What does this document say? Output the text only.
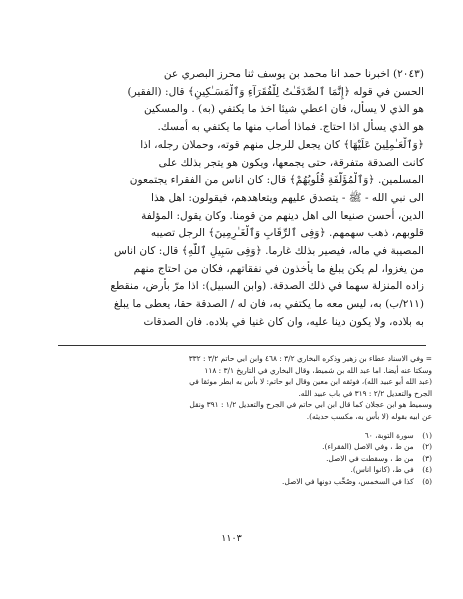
(٢٠٤٣) اخبرنا حمد انا محمد بن يوسف ثنا محرز البصري عن
الحسن في قوله ﴿إِنَّمَا ٱلصَّدَقَـٰتُ لِلْفُقَرَآءِ وَٱلْمَسَـٰكِينِ﴾ قال: (الفقير)
هو الذي لا يسأل، فان اعطي شيئا اخذ ما يكتفي (به) . والمسكين
هو الذي يسأل اذا احتاج. فماذا أصاب منها ما يكتفي به أمسك.
﴿وَٱلْعَـٰمِلِينَ عَلَيْهَا﴾ كان يجعل للرجل منهم قوته، وحملان رجله، اذا
كانت الصدقة متفرقة، حتى يجمعها، ويكون هو يتجر بذلك على
المسلمين. ﴿وَٱلْمُؤَلَّفَةِ قُلُوبُهُمْ﴾ قال: كان اناس من الفقراء يجتمعون
الى نبي الله - ﷺ - يتصدق عليهم ويتعاهدهم، فيقولون: اهل هذا
الدين، أحسن صنيعا الى اهل دينهم من قومنا. وكان يقول: المؤلفة
قلوبهم، ذهب سهمهم. ﴿وَفِى ٱلرِّقَابِ وَٱلْغَـٰرِمِينَ﴾ الرجل تصيبه
المصيبة في ماله، فيصير بذلك غارما. ﴿وَفِى سَبِيلِ ٱللَّهِ﴾ قال: كان اناس
من يغزوا، لم يكن يبلغ ما يأخذون في نفقاتهم، فكان من احتاج منهم
زاده المنزلة سهما في ذلك الصدقة. (وابن السبيل): اذا مرّ بأرض، منقطع
(٢١١/ب) به، ليس معه ما يكتفي به، فان له / الصدقة حقا، يعطى ما يبلغ
به بلاده، ولا يكون دينا عليه، وان كان غنيا في بلاده. فان الصدقات
= وفي الاسناد عطاء بن زهير وذكره البخاري ٣/٢ : ٤٦٨ وابن ابي حاتم ٣/٢ : ٣٣٢
وسكتا عنه أيضا. اما عبد الله بن شميط، وقال البخاري في التاريخ ٣/١ : ١١٨
(عبد الله أبو عبيد الله)، فوثقه ابن معين وقال ابو حاتم: لا بأس به ابطر موثقا في
الجرح والتعديل ٢/٢ : ٣١٩ في باب عبيد الله.
وسميط هو ابن عجلان كما قال ابن ابي حاتم في الجرح والتعديل ١/٢ : ٣٩١ ونقل
عن ابيه بقوله (لا بأس به، مكسب حديثه).
(١) سورة التوبة، ٦٠
(٢) من ط ، وفي الاصل (الفقراء).
(٣) من ط ، وسقطت في الاصل.
(٤) في ط، (كانوا اناس).
(٥) كذا في السخمس، وصُحِّب دونها في الاصل.
١١٠٣
